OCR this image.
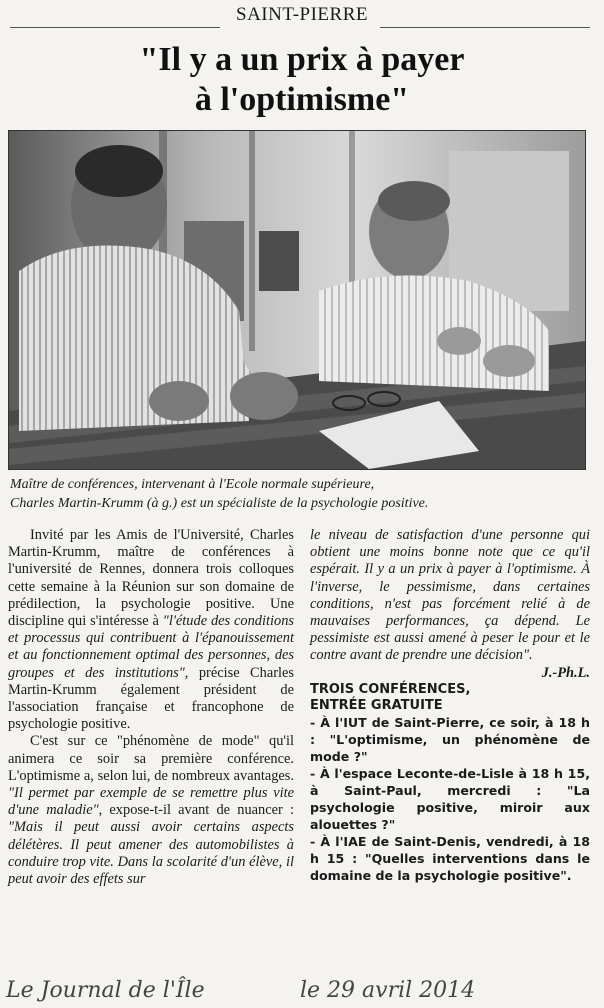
SAINT-PIERRE
"Il y a un prix à payer
à l'optimisme"
Maître de conférences, intervenant à l'Ecole normale supérieure,
Charles Martin-Krumm (à g.) est un spécialiste de la psychologie positive.

Invité par les Amis de l'Université, Charles Martin-Krumm, maître de conférences à l'université de Rennes, donnera trois colloques cette semaine à la Réunion sur son domaine de prédilection, la psychologie positive. Une discipline qui s'intéresse à "l'étude des conditions et processus qui contribuent à l'épanouissement et au fonctionnement optimal des personnes, des groupes et des institutions", précise Charles Martin-Krumm également président de l'association française et francophone de psychologie positive.

C'est sur ce "phénomène de mode" qu'il animera ce soir sa première conférence. L'optimisme a, selon lui, de nombreux avantages. "Il permet par exemple de se remettre plus vite d'une maladie", expose-t-il avant de nuancer : "Mais il peut aussi avoir certains aspects délétères. Il peut amener des automobilistes à conduire trop vite. Dans la scolarité d'un élève, il peut avoir des effets sur

le niveau de satisfaction d'une personne qui obtient une moins bonne note que ce qu'il espérait. Il y a un prix à payer à l'optimisme. À l'inverse, le pessimisme, dans certaines conditions, n'est pas forcément relié à de mauvaises performances, ça dépend. Le pessimiste est aussi amené à peser le pour et le contre avant de prendre une décision".

J.-Ph.L.

TROIS CONFÉRENCES,
ENTRÉE GRATUITE
- À l'IUT de Saint-Pierre, ce soir, à 18 h : "L'optimisme, un phénomène de mode ?"
- À l'espace Leconte-de-Lisle à 18 h 15, à Saint-Paul, mercredi : "La psychologie positive, miroir aux alouettes ?"
- À l'IAE de Saint-Denis, vendredi, à 18 h 15 : "Quelles interventions dans le domaine de la psychologie positive".
Le Journal de l'Île	le 29 avril 2014
